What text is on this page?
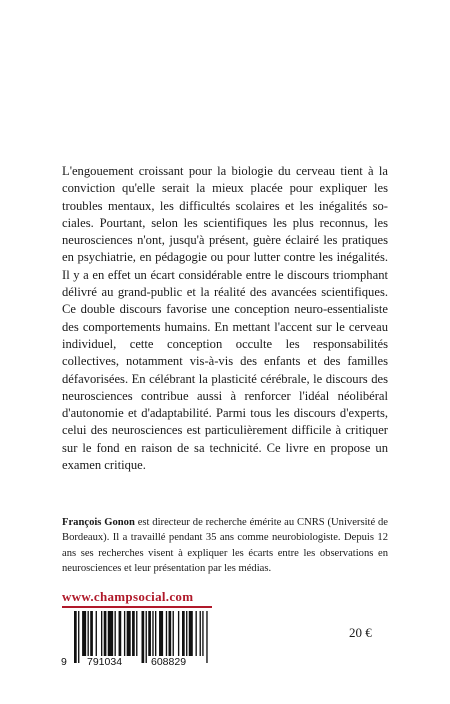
L'engouement croissant pour la biologie du cerveau tient à la conviction qu'elle serait la mieux placée pour expliquer les troubles mentaux, les difficultés scolaires et les inégalités sociales. Pourtant, selon les scientifiques les plus reconnus, les neurosciences n'ont, jusqu'à présent, guère éclairé les pratiques en psychiatrie, en pédagogie ou pour lutter contre les inégalités. Il y a en effet un écart considérable entre le discours triomphant délivré au grand-public et la réalité des avancées scientifiques. Ce double discours favorise une conception neuro-essentialiste des comportements humains. En mettant l'accent sur le cerveau individuel, cette conception occulte les responsabilités collectives, notamment vis-à-vis des enfants et des familles défavorisées. En célébrant la plasticité cérébrale, le discours des neurosciences contribue aussi à renforcer l'idéal néolibéral d'autonomie et d'adaptabilité. Parmi tous les discours d'experts, celui des neurosciences est particulièrement difficile à critiquer sur le fond en raison de sa technicité. Ce livre en propose un examen critique.

François Gonon est directeur de recherche émérite au CNRS (Université de Bordeaux). Il a travaillé pendant 35 ans comme neurobiologiste. Depuis 12 ans ses recherches visent à expliquer les écarts entre les observations en neurosciences et leur présentation par les médias.

www.champsocial.com

9 791034	608829

20 €
